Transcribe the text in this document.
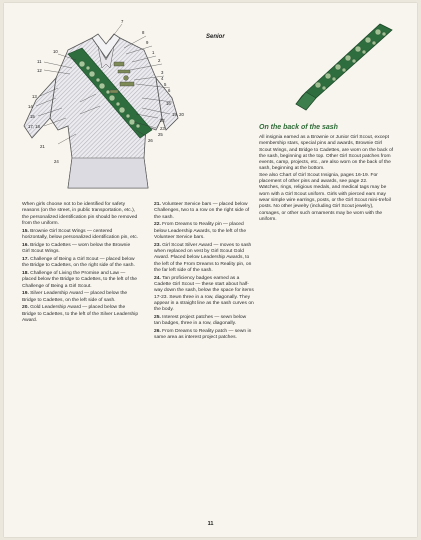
Senior
7
8
9
1
2
3
4
5
6
10
11
12
13
14
15
16
17, 18
19, 20
21
22
23
24
25
26
On the back of the sash

All insignia earned as a Brownie or Junior Girl Scout, except membership stars, special pins and awards, Brownie Girl Scout Wings, and Bridge to Cadettes, are worn on the back of the sash, beginning at the top. Other Girl Scout patches from events, camp, projects, etc., are also worn on the back of the sash, beginning at the bottom.

See also Chart of Girl Scout Insignia, pages 16-19. For placement of other pins and awards, see page 22.

Watches, rings, religious medals, and medical tags may be worn with a Girl Scout uniform. Girls with pierced ears may wear simple wire earrings, posts, or the Girl Scout mini-trefoil posts. No other jewelry (including Girl Scout jewelry), corsages, or other such ornaments may be worn with the uniform.

When girls choose not to be identified for safety reasons (on the street, in public transportation, etc.), the personalized identification pin should be removed from the uniform.
15. Brownie Girl Scout Wings — centered horizontally, below personalized identification pin, etc.
16. Bridge to Cadettes — worn below the Brownie Girl Scout Wings.
17. Challenge of Being a Girl Scout — placed below the Bridge to Cadettes, on the right side of the sash.
18. Challenge of Living the Promise and Law — placed below the Bridge to Cadettes, to the left of the Challenge of Being a Girl Scout.
19. Silver Leadership Award — placed below the Bridge to Cadettes, on the left side of sash.
20. Gold Leadership Award — placed below the Bridge to Cadettes, to the left of the Silver Leadership Award.
21. Volunteer Service bars — placed below Challenges, two to a row on the right side of the sash.
22. From Dreams to Reality pin — placed below Leadership Awards, to the left of the Volunteer Service bars.
23. Girl Scout Silver Award — moves to sash when replaced on vest by Girl Scout Gold Award. Placed below Leadership Awards, to the left of the From Dreams to Reality pin, on the far left side of the sash.
24. Tan proficiency badges earned as a Cadette Girl Scout — these start about half-way down the sash, below the space for items 17-23. Sewn three in a row, diagonally. They appear in a straight line as the sash curves on the body.
25. Interest project patches — sewn below tan badges, three in a row, diagonally.
26. From Dreams to Reality patch — sewn in same area as interest project patches.
11
